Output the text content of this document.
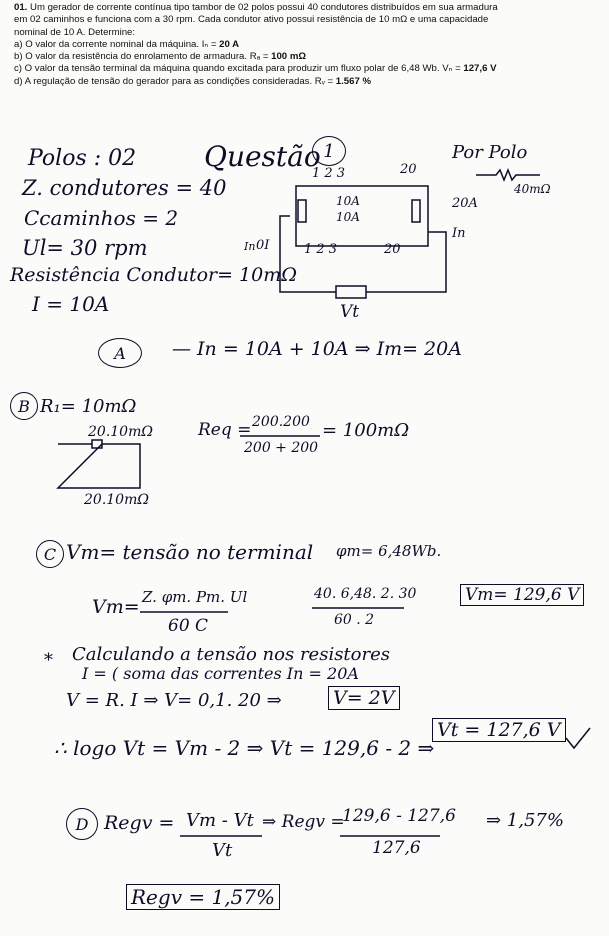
01. Um gerador de corrente contínua tipo tambor de 02 polos possui 40 condutores distribuídos em sua armadura
em 02 caminhos e funciona com a 30 rpm. Cada condutor ativo possui resistência de 10 mΩ e uma capacidade
nominal de 10 A. Determine:
a) O valor da corrente nominal da máquina. Iₙ = 20 A
b) O valor da resistência do enrolamento de armadura. Rₐ = 100 mΩ
c) O valor da tensão terminal da máquina quando excitada para produzir um fluxo polar de 6,48 Wb. Vₙ = 127,6 V
d) A regulação de tensão do gerador para as condições consideradas. Rᵥ = 1.567 %
Polos : 02 Questão 1	Por Polo
40mΩ
Z. condutores = 40
Ccaminhos = 2
Ul= 30 rpm
Resistência Condutor= 10mΩ
I = 10A
1 2 3	20
10A
10A
1 2 3	20
20A
In
In 0I
Vt
A — In = 10A + 10A ⇒ Im= 20A
B R₁= 10mΩ
20.10mΩ
20.10mΩ
Req = 200.200
200 + 200
= 100mΩ
C Vm= tensão no terminal φm= 6,48Wb.
Vm= Z. φm. Pm. Ul
60 C
40. 6,48. 2. 30
60 . 2
Vm= 129,6 V
* Calculando a tensão nos resistores
I = ( soma das correntes In = 20A
V = R. I ⇒ V= 0,1. 20 ⇒	V= 2V
∴ logo Vt = Vm - 2 ⇒ Vt = 129,6 - 2 ⇒
Vt = 127,6 V
D Regv = Vm - Vt
Vt
⇒ Regv =
129,6 - 127,6
127,6
⇒ 1,57%
Regv = 1,57%
